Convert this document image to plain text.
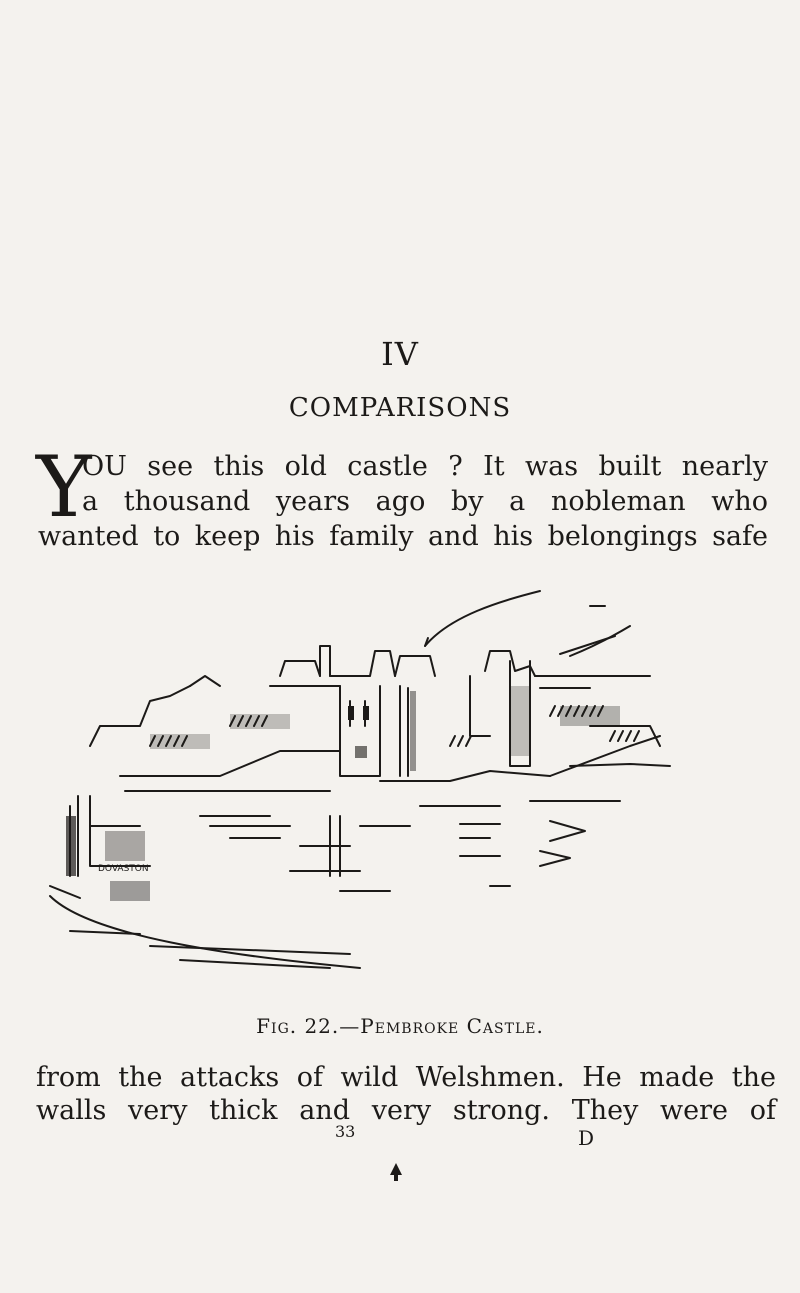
IV
COMPARISONS
Y
OU see this old castle ? It was built nearly
a thousand years ago by a nobleman who
wanted to keep his family and his belongings safe
DOVASTON
Fig. 22.—Pembroke Castle.
from the attacks of wild Welshmen. He made the
walls very thick and very strong. They were of
33	D
